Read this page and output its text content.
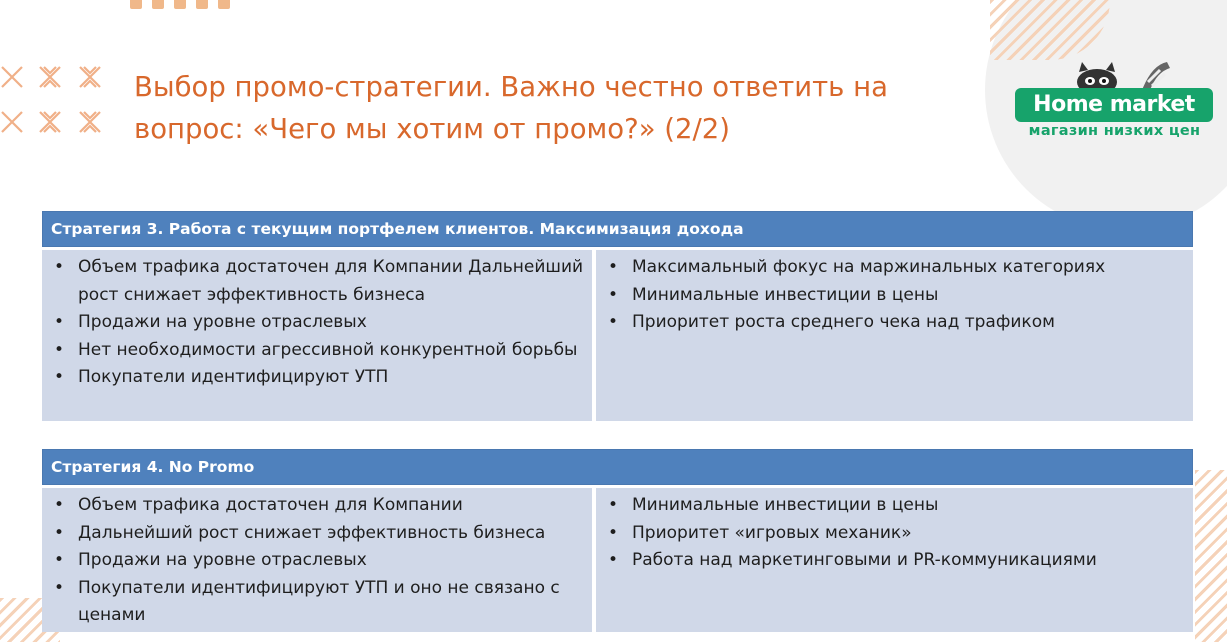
Выбор промо-стратегии. Важно честно ответить на вопрос: «Чего мы хотим от промо?» (2/2)
Home market
магазин низких цен
Стратегия 3. Работа с текущим портфелем клиентов. Максимизация дохода
• Объем трафика достаточен для Компании Дальнейший рост снижает эффективность бизнеса
• Продажи на уровне отраслевых
• Нет необходимости агрессивной конкурентной борьбы
• Покупатели идентифицируют УТП
• Максимальный фокус на маржинальных категориях
• Минимальные инвестиции в цены
• Приоритет роста среднего чека над трафиком
Стратегия 4. No Promo
• Объем трафика достаточен для Компании
• Дальнейший рост снижает эффективность бизнеса
• Продажи на уровне отраслевых
• Покупатели идентифицируют УТП и оно не связано с ценами
• Минимальные инвестиции в цены
• Приоритет «игровых механик»
• Работа над маркетинговыми и PR-коммуникациями
